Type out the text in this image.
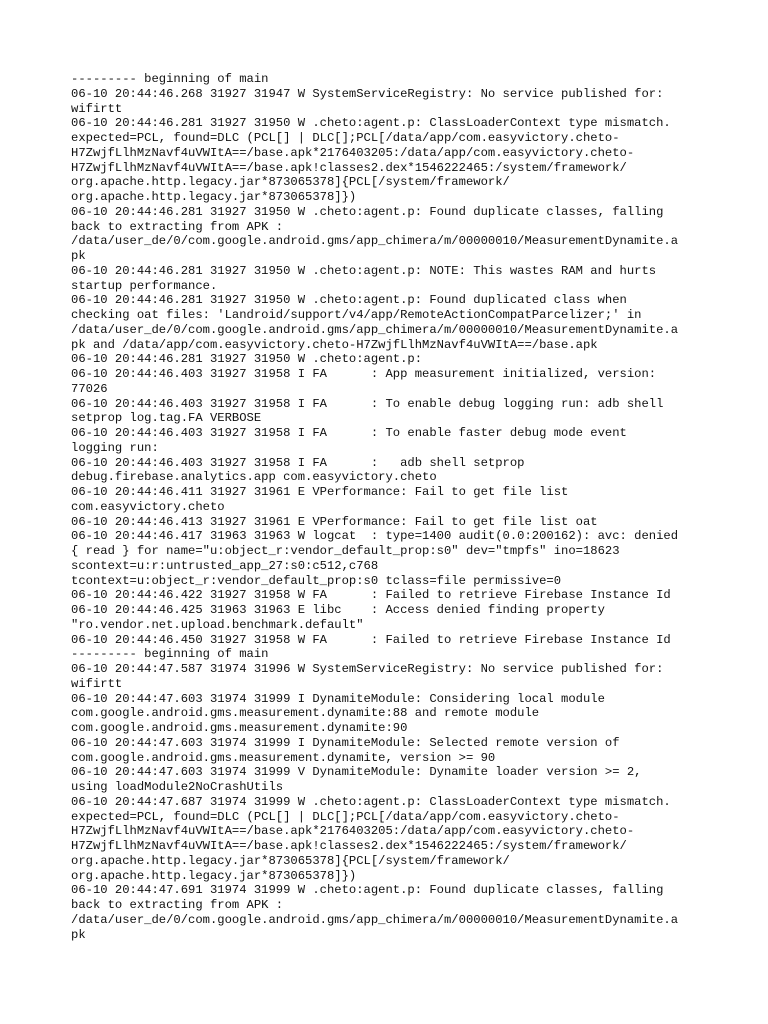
--------- beginning of main
06-10 20:44:46.268 31927 31947 W SystemServiceRegistry: No service published for:
wifirtt
06-10 20:44:46.281 31927 31950 W .cheto:agent.p: ClassLoaderContext type mismatch.
expected=PCL, found=DLC (PCL[] | DLC[];PCL[/data/app/com.easyvictory.cheto-
H7ZwjfLlhMzNavf4uVWItA==/base.apk*2176403205:/data/app/com.easyvictory.cheto-
H7ZwjfLlhMzNavf4uVWItA==/base.apk!classes2.dex*1546222465:/system/framework/
org.apache.http.legacy.jar*873065378]{PCL[/system/framework/
org.apache.http.legacy.jar*873065378]})
06-10 20:44:46.281 31927 31950 W .cheto:agent.p: Found duplicate classes, falling
back to extracting from APK :
/data/user_de/0/com.google.android.gms/app_chimera/m/00000010/MeasurementDynamite.a
pk
06-10 20:44:46.281 31927 31950 W .cheto:agent.p: NOTE: This wastes RAM and hurts
startup performance.
06-10 20:44:46.281 31927 31950 W .cheto:agent.p: Found duplicated class when
checking oat files: 'Landroid/support/v4/app/RemoteActionCompatParcelizer;' in
/data/user_de/0/com.google.android.gms/app_chimera/m/00000010/MeasurementDynamite.a
pk and /data/app/com.easyvictory.cheto-H7ZwjfLlhMzNavf4uVWItA==/base.apk
06-10 20:44:46.281 31927 31950 W .cheto:agent.p:
06-10 20:44:46.403 31927 31958 I FA      : App measurement initialized, version:
77026
06-10 20:44:46.403 31927 31958 I FA      : To enable debug logging run: adb shell
setprop log.tag.FA VERBOSE
06-10 20:44:46.403 31927 31958 I FA      : To enable faster debug mode event
logging run:
06-10 20:44:46.403 31927 31958 I FA      :   adb shell setprop
debug.firebase.analytics.app com.easyvictory.cheto
06-10 20:44:46.411 31927 31961 E VPerformance: Fail to get file list
com.easyvictory.cheto
06-10 20:44:46.413 31927 31961 E VPerformance: Fail to get file list oat
06-10 20:44:46.417 31963 31963 W logcat  : type=1400 audit(0.0:200162): avc: denied
{ read } for name="u:object_r:vendor_default_prop:s0" dev="tmpfs" ino=18623
scontext=u:r:untrusted_app_27:s0:c512,c768
tcontext=u:object_r:vendor_default_prop:s0 tclass=file permissive=0
06-10 20:44:46.422 31927 31958 W FA      : Failed to retrieve Firebase Instance Id
06-10 20:44:46.425 31963 31963 E libc    : Access denied finding property
"ro.vendor.net.upload.benchmark.default"
06-10 20:44:46.450 31927 31958 W FA      : Failed to retrieve Firebase Instance Id
--------- beginning of main
06-10 20:44:47.587 31974 31996 W SystemServiceRegistry: No service published for:
wifirtt
06-10 20:44:47.603 31974 31999 I DynamiteModule: Considering local module
com.google.android.gms.measurement.dynamite:88 and remote module
com.google.android.gms.measurement.dynamite:90
06-10 20:44:47.603 31974 31999 I DynamiteModule: Selected remote version of
com.google.android.gms.measurement.dynamite, version >= 90
06-10 20:44:47.603 31974 31999 V DynamiteModule: Dynamite loader version >= 2,
using loadModule2NoCrashUtils
06-10 20:44:47.687 31974 31999 W .cheto:agent.p: ClassLoaderContext type mismatch.
expected=PCL, found=DLC (PCL[] | DLC[];PCL[/data/app/com.easyvictory.cheto-
H7ZwjfLlhMzNavf4uVWItA==/base.apk*2176403205:/data/app/com.easyvictory.cheto-
H7ZwjfLlhMzNavf4uVWItA==/base.apk!classes2.dex*1546222465:/system/framework/
org.apache.http.legacy.jar*873065378]{PCL[/system/framework/
org.apache.http.legacy.jar*873065378]})
06-10 20:44:47.691 31974 31999 W .cheto:agent.p: Found duplicate classes, falling
back to extracting from APK :
/data/user_de/0/com.google.android.gms/app_chimera/m/00000010/MeasurementDynamite.a
pk
